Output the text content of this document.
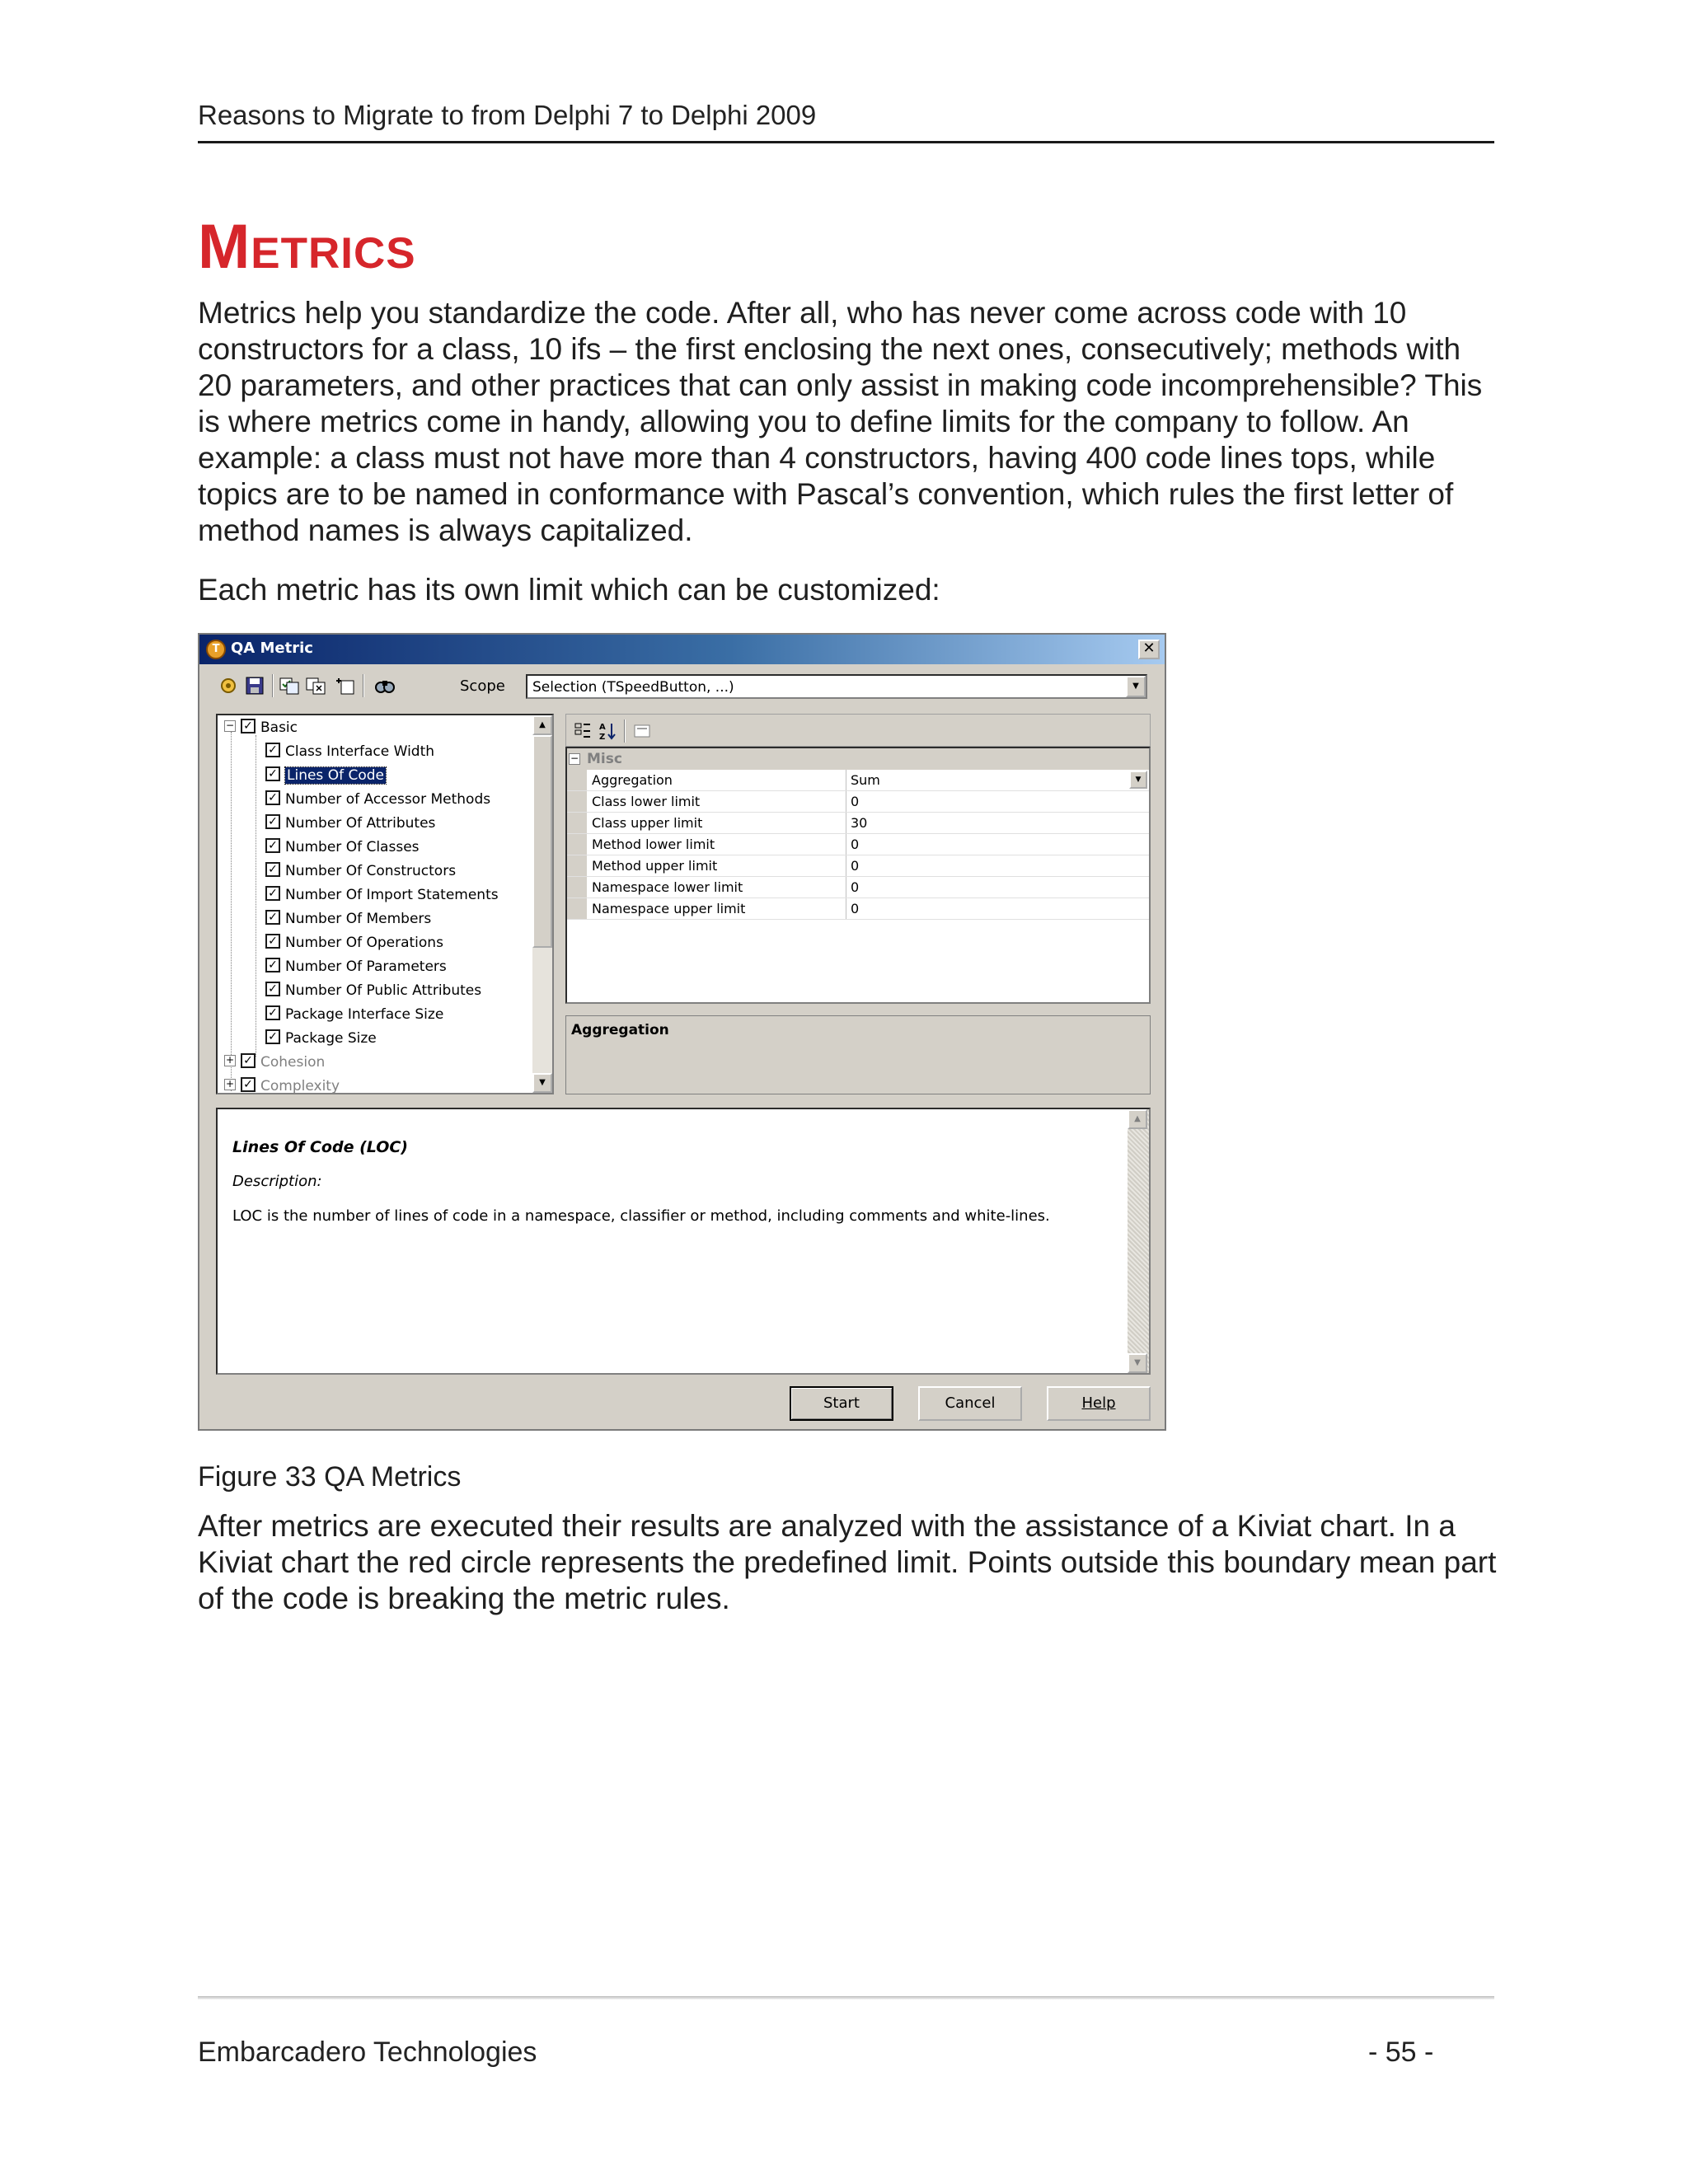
Reasons to Migrate to from Delphi 7 to Delphi 2009
Metrics

Metrics help you standardize the code. After all, who has never come across code with 10 constructors for a class, 10 ifs – the first enclosing the next ones, consecutively; methods with 20 parameters, and other practices that can only assist in making code incomprehensible? This is where metrics come in handy, allowing you to define limits for the company to follow. An example: a class must not have more than 4 constructors, having 400 code lines tops, while topics are to be named in conformance with Pascal’s convention, which rules the first letter of method names is always capitalized.

Each metric has its own limit which can be customized:

T QA Metric	✕
Scope Selection (TSpeedButton, ...)	▼
− ✓ Basic
✓ Class Interface Width
✓ Lines Of Code
✓ Number of Accessor Methods
✓ Number Of Attributes
✓ Number Of Classes
✓ Number Of Constructors
✓ Number Of Import Statements
✓ Number Of Members
✓ Number Of Operations
✓ Number Of Parameters
✓ Number Of Public Attributes
✓ Package Interface Size
✓ Package Size
+ ✓ Cohesion
+ ✓ Complexity
▲
▼
A
Z
− Misc
Aggregation	Sum	▼
Class lower limit	0
Class upper limit	30
Method lower limit	0
Method upper limit	0
Namespace lower limit	0
Namespace upper limit	0
Aggregation
Lines Of Code (LOC)
Description:
LOC is the number of lines of code in a namespace, classifier or method, including comments and white-lines.
▲
▼
Start	Cancel	Help
Figure 33 QA Metrics

After metrics are executed their results are analyzed with the assistance of a Kiviat chart. In a Kiviat chart the red circle represents the predefined limit. Points outside this boundary mean part of the code is breaking the metric rules.

Embarcadero Technologies	- 55 -
